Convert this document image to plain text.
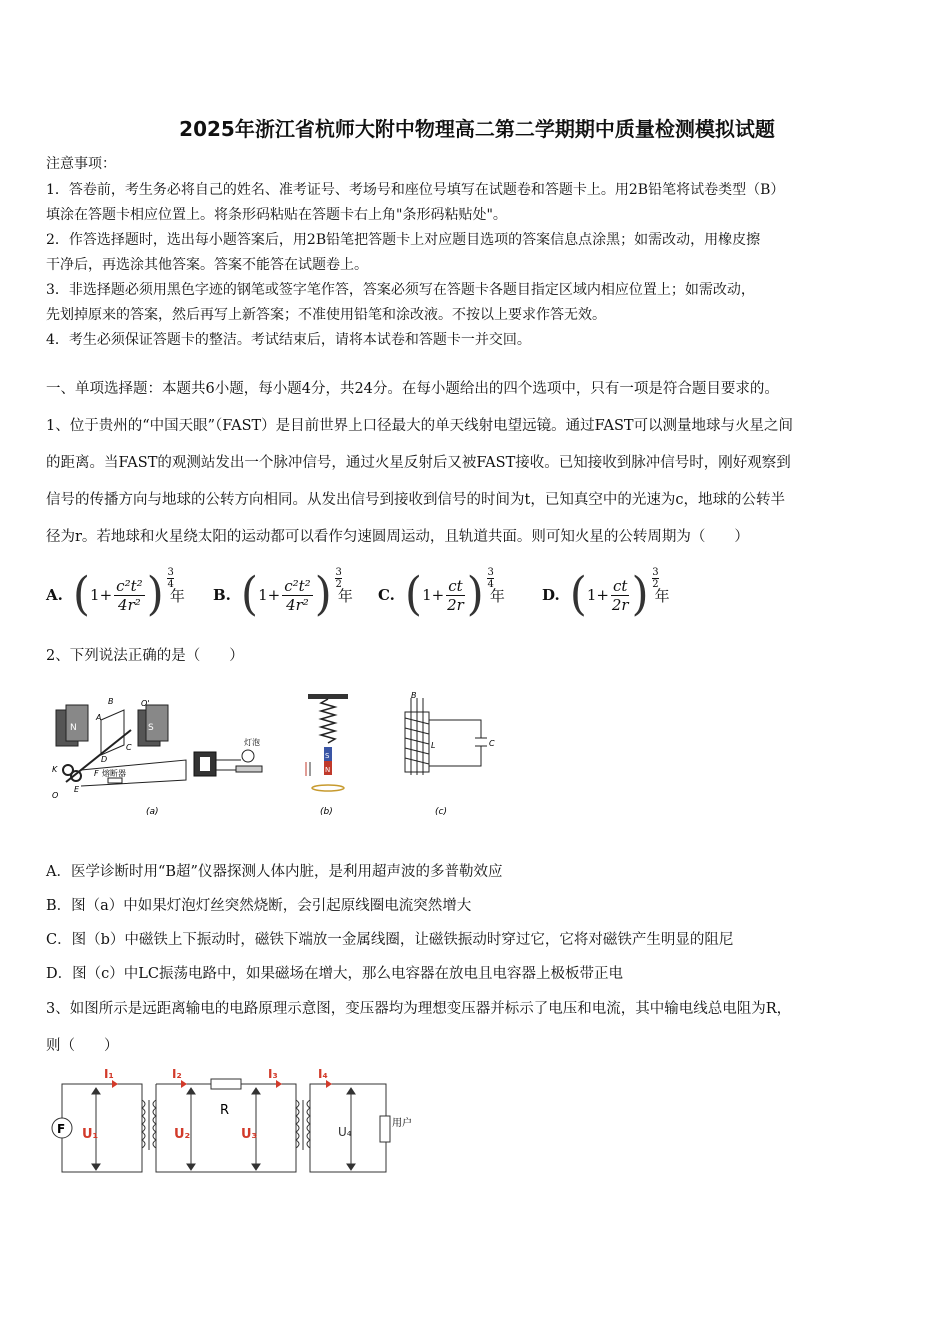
2025年浙江省杭师大附中物理高二第二学期期中质量检测模拟试题
注意事项：
1．答卷前，考生务必将自己的姓名、准考证号、考场号和座位号填写在试题卷和答题卡上。用2B铅笔将试卷类型（B）
填涂在答题卡相应位置上。将条形码粘贴在答题卡右上角"条形码粘贴处"。
2．作答选择题时，选出每小题答案后，用2B铅笔把答题卡上对应题目选项的答案信息点涂黑；如需改动，用橡皮擦
干净后，再选涂其他答案。答案不能答在试题卷上。
3．非选择题必须用黑色字迹的钢笔或签字笔作答，答案必须写在答题卡各题目指定区域内相应位置上；如需改动，
先划掉原来的答案，然后再写上新答案；不准使用铅笔和涂改液。不按以上要求作答无效。
4．考生必须保证答题卡的整洁。考试结束后，请将本试卷和答题卡一并交回。
一、单项选择题：本题共6小题，每小题4分，共24分。在每小题给出的四个选项中，只有一项是符合题目要求的。
1、位于贵州的“中国天眼”（FAST）是目前世界上口径最大的单天线射电望远镜。通过FAST可以测量地球与火星之间
的距离。当FAST的观测站发出一个脉冲信号，通过火星反射后又被FAST接收。已知接收到脉冲信号时，刚好观察到
信号的传播方向与地球的公转方向相同。从发出信号到接收到信号的时间为t，已知真空中的光速为c，地球的公转半
径为r。若地球和火星绕太阳的运动都可以看作匀速圆周运动，且轨道共面。则可知火星的公转周期为（　　）
A. ( $1+ \frac{\text{c²t²}}{\text{4r²}}$ ) $\frac{3}{4}$
年 B. ( $1+ \frac{\text{c²t²}}{\text{4r²}}$ ) $\frac{3}{2}$
年 C. ( $1+ \frac{ct}{2r}$ ) $\frac{3}{4}$
年 D. ( $1+ \frac{ct}{2r}$ ) $\frac{3}{2}$
年
2、下列说法正确的是（　　）
N	S
A
B
C
D
O'
K
E
F
O
熔断器
灯泡
(a)
S
N
(b)
B
L	C
(c)
A．医学诊断时用“B超”仪器探测人体内脏，是利用超声波的多普勒效应
B．图（a）中如果灯泡灯丝突然烧断，会引起原线圈电流突然增大
C．图（b）中磁铁上下振动时，磁铁下端放一金属线圈，让磁铁振动时穿过它，它将对磁铁产生明显的阻尼
D．图（c）中LC振荡电路中，如果磁场在增大，那么电容器在放电且电容器上极板带正电
3、如图所示是远距离输电的电路原理示意图，变压器均为理想变压器并标示了电压和电流，其中输电线总电阻为R，
则（　　）
F
R
用户
U₁	U₂	U₃	U₄
I₁	I₂	I₃	I₄
